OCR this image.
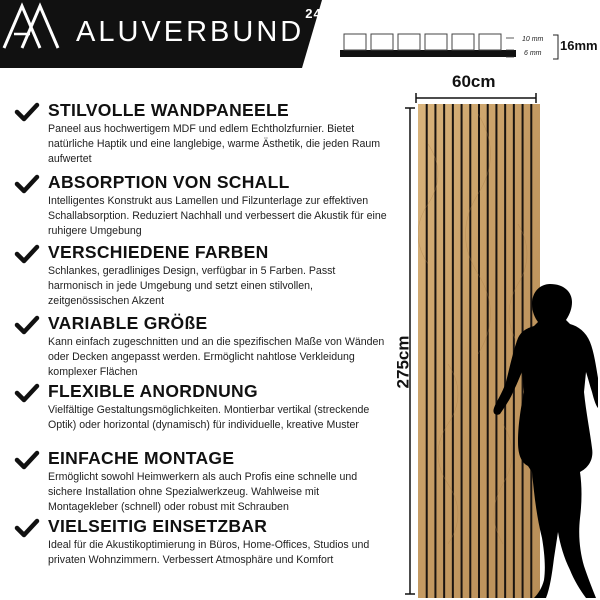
ALUVERBUND$^{24}$
10 mm
6 mm
16mm
60cm
275cm
STILVOLLE WANDPANEELE
Paneel aus hochwertigem MDF und edlem Echtholzfurnier. Bietet natürliche Haptik und eine langlebige, warme Ästhetik, die jeden Raum aufwertet
ABSORPTION VON SCHALL
Intelligentes Konstrukt aus Lamellen und Filzunterlage zur effektiven Schallabsorption. Reduziert Nachhall und verbessert die Akustik für eine ruhigere Umgebung
VERSCHIEDENE FARBEN
Schlankes, geradliniges Design, verfügbar in 5 Farben. Passt harmonisch in jede Umgebung und setzt einen stilvollen, zeitgenössischen Akzent
VARIABLE GRÖßE
Kann einfach zugeschnitten und an die spezifischen Maße von Wänden oder Decken angepasst werden. Ermöglicht nahtlose Verkleidung komplexer Flächen
FLEXIBLE ANORDNUNG
Vielfältige Gestaltungsmöglichkeiten. Montierbar vertikal (streckende Optik) oder horizontal (dynamisch) für individuelle, kreative Muster
EINFACHE MONTAGE
Ermöglicht sowohl Heimwerkern als auch Profis eine schnelle und sichere Installation ohne Spezialwerkzeug. Wahlweise mit Montagekleber (schnell) oder robust mit Schrauben
VIELSEITIG EINSETZBAR
Ideal für die Akustikoptimierung in Büros, Home-Offices, Studios und privaten Wohnzimmern. Verbessert Atmosphäre und Komfort
